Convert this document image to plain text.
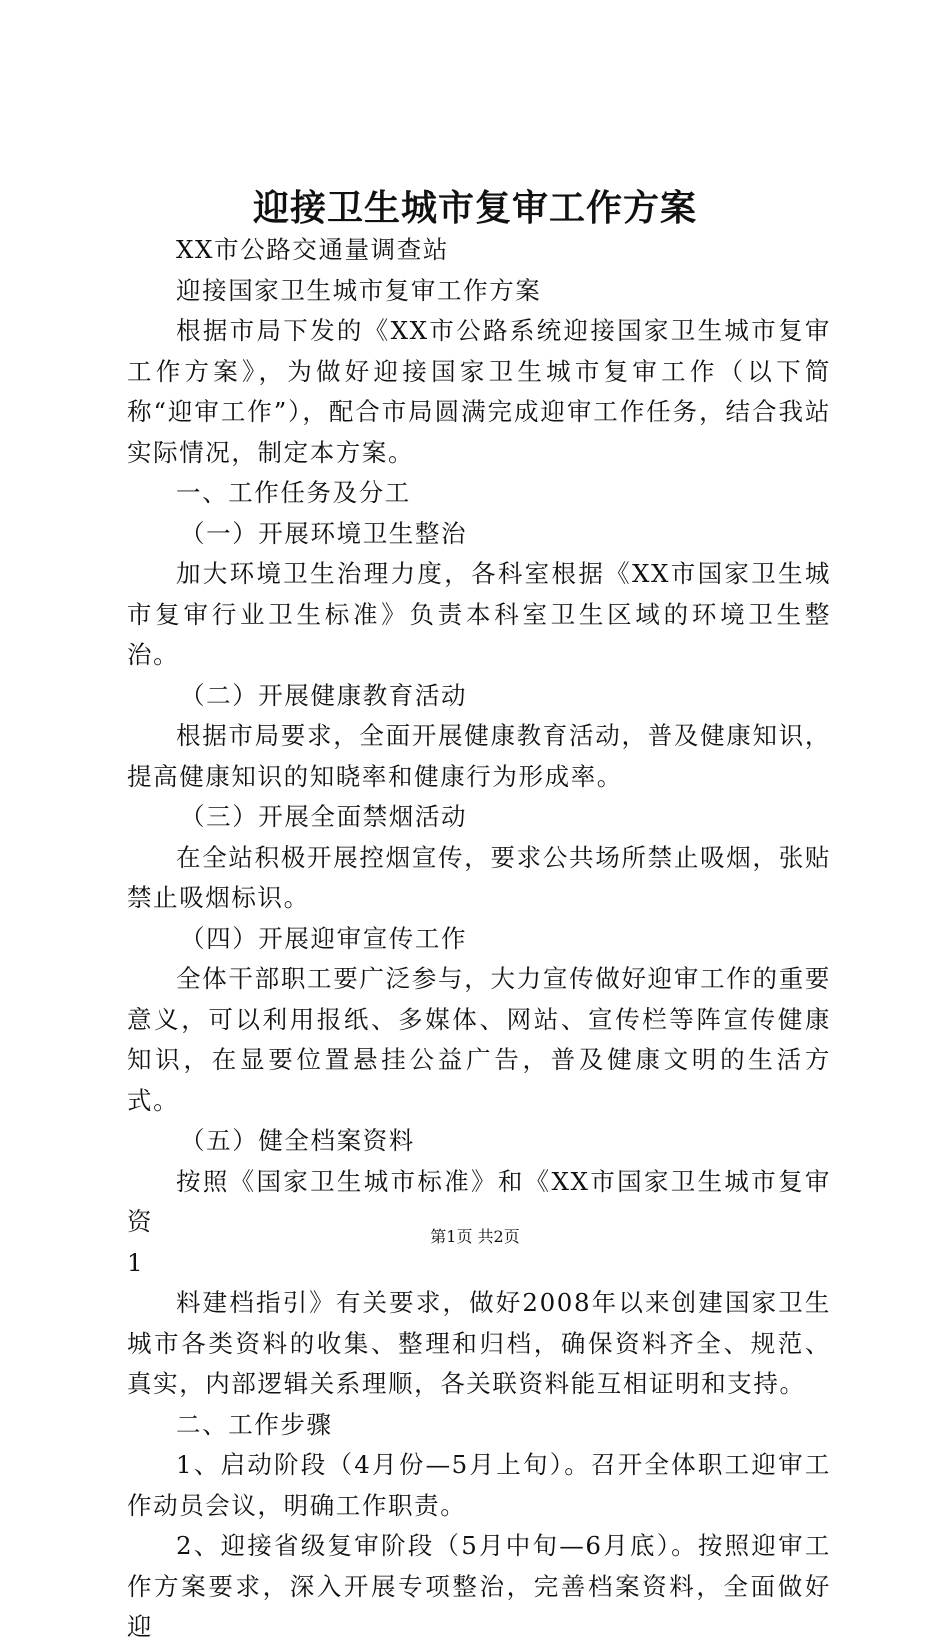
迎接卫生城市复审工作方案

XX市公路交通量调查站

迎接国家卫生城市复审工作方案

根据市局下发的《XX市公路系统迎接国家卫生城市复审工作方案》，为做好迎接国家卫生城市复审工作（以下简称“迎审工作”），配合市局圆满完成迎审工作任务，结合我站实际情况，制定本方案。

一、工作任务及分工

（一）开展环境卫生整治

加大环境卫生治理力度，各科室根据《XX市国家卫生城市复审行业卫生标准》负责本科室卫生区域的环境卫生整治。

（二）开展健康教育活动

根据市局要求，全面开展健康教育活动，普及健康知识，提高健康知识的知晓率和健康行为形成率。

（三）开展全面禁烟活动

在全站积极开展控烟宣传，要求公共场所禁止吸烟，张贴禁止吸烟标识。

（四）开展迎审宣传工作

全体干部职工要广泛参与，大力宣传做好迎审工作的重要意义，可以利用报纸、多媒体、网站、宣传栏等阵宣传健康知识，在显要位置悬挂公益广告，普及健康文明的生活方式。

（五）健全档案资料

按照《国家卫生城市标准》和《XX市国家卫生城市复审资

1

料建档指引》有关要求，做好2008年以来创建国家卫生城市各类资料的收集、整理和归档，确保资料齐全、规范、真实，内部逻辑关系理顺，各关联资料能互相证明和支持。

二、工作步骤

1、启动阶段（4月份—5月上旬）。召开全体职工迎审工作动员会议，明确工作职责。

2、迎接省级复审阶段（5月中旬—6月底）。按照迎审工作方案要求，深入开展专项整治，完善档案资料，全面做好迎

第1页 共2页
